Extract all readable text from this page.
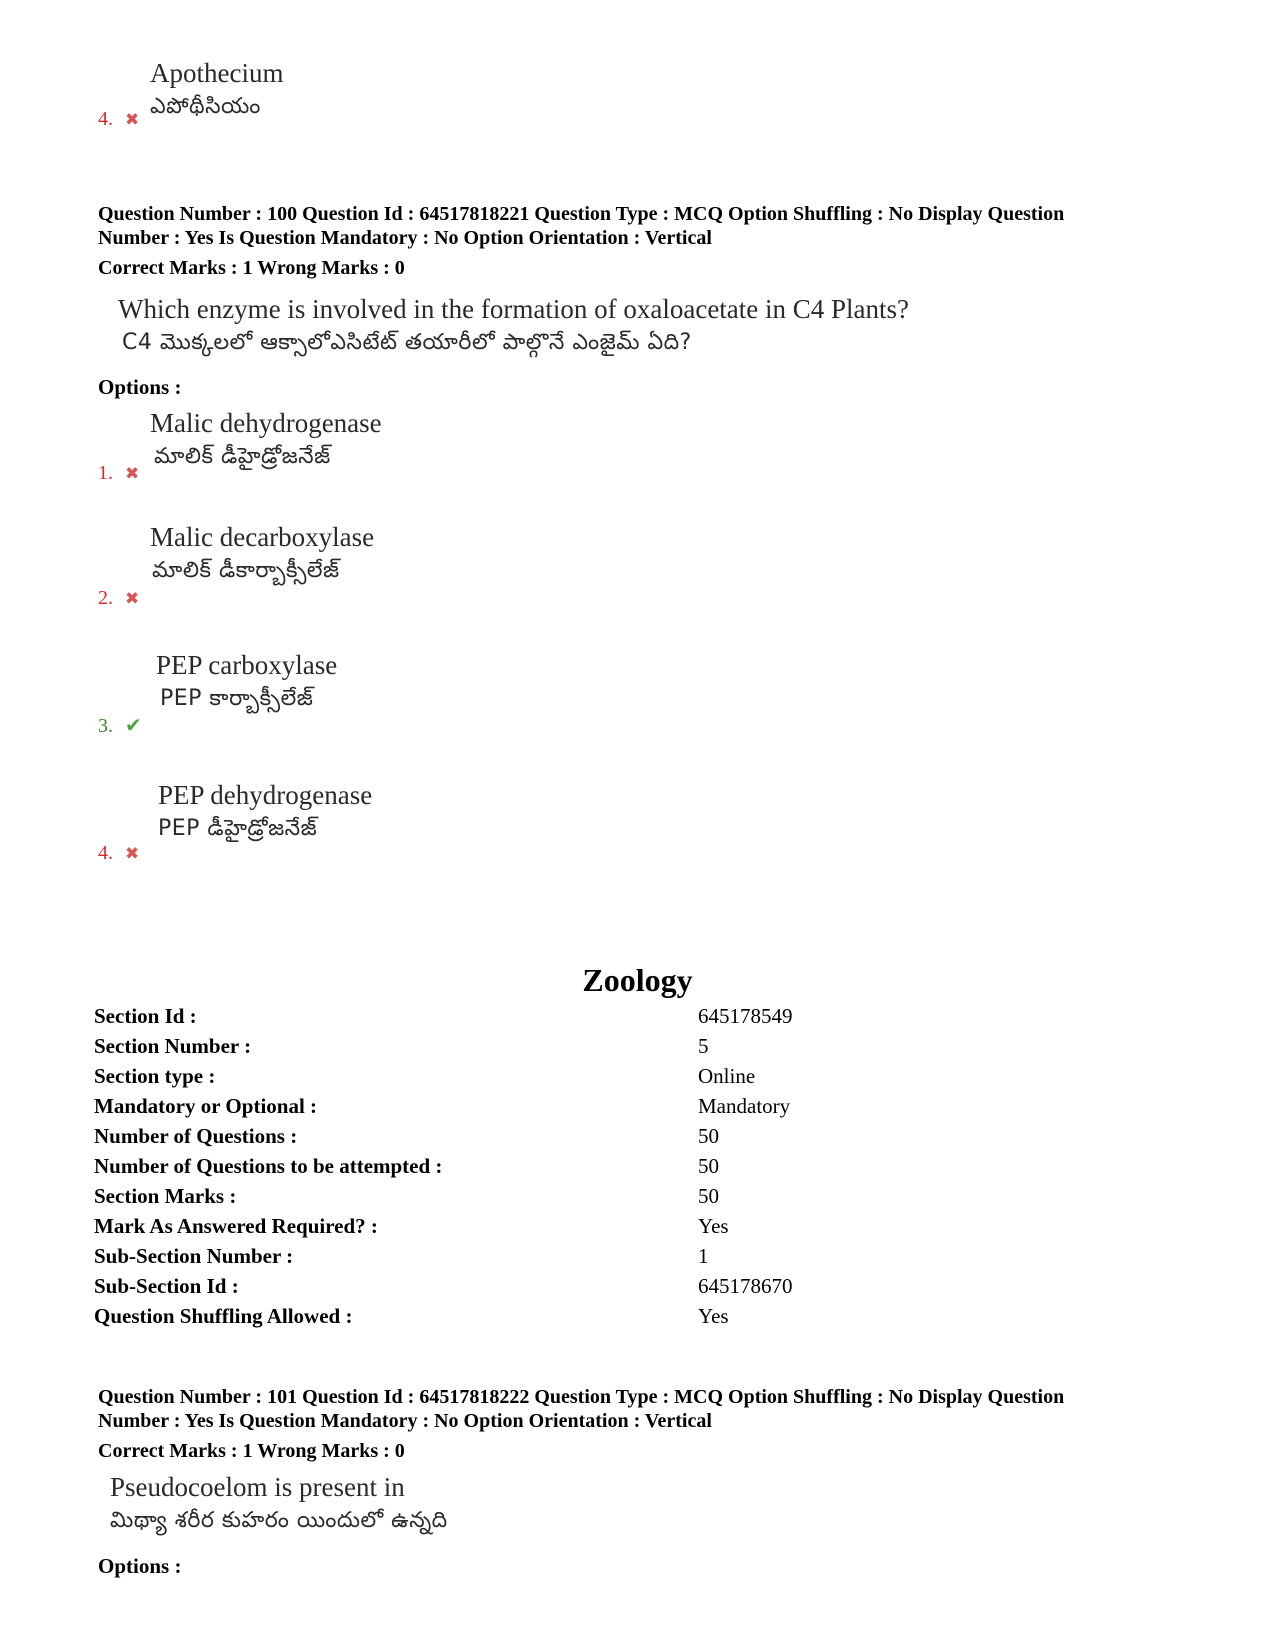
Apothecium
ఎపోథీసియం
4. ✖
Question Number : 100 Question Id : 64517818221 Question Type : MCQ Option Shuffling : No Display Question
Number : Yes Is Question Mandatory : No Option Orientation : Vertical
Correct Marks : 1 Wrong Marks : 0
Which enzyme is involved in the formation of oxaloacetate in C4 Plants?
C4 మొక్కలలో ఆక్సాలోఎసిటేట్ తయారీలో పాల్గొనే ఎంజైమ్ ఏది?
Options :
Malic dehydrogenase
మాలిక్ డీహైడ్రోజనేజ్
1. ✖
Malic decarboxylase
మాలిక్ డీకార్బాక్సీలేజ్
2. ✖
PEP carboxylase
PEP కార్బాక్సీలేజ్
3. ✔
PEP dehydrogenase
PEP డీహైడ్రోజనేజ్
4. ✖
Zoology
Section Id :	645178549
Section Number :	5
Section type :	Online
Mandatory or Optional :	Mandatory
Number of Questions :	50
Number of Questions to be attempted :	50
Section Marks :	50
Mark As Answered Required? :	Yes
Sub-Section Number :	1
Sub-Section Id :	645178670
Question Shuffling Allowed :	Yes
Question Number : 101 Question Id : 64517818222 Question Type : MCQ Option Shuffling : No Display Question
Number : Yes Is Question Mandatory : No Option Orientation : Vertical
Correct Marks : 1 Wrong Marks : 0
Pseudocoelom is present in
మిథ్యా శరీర కుహరం యిందులో ఉన్నది
Options :
